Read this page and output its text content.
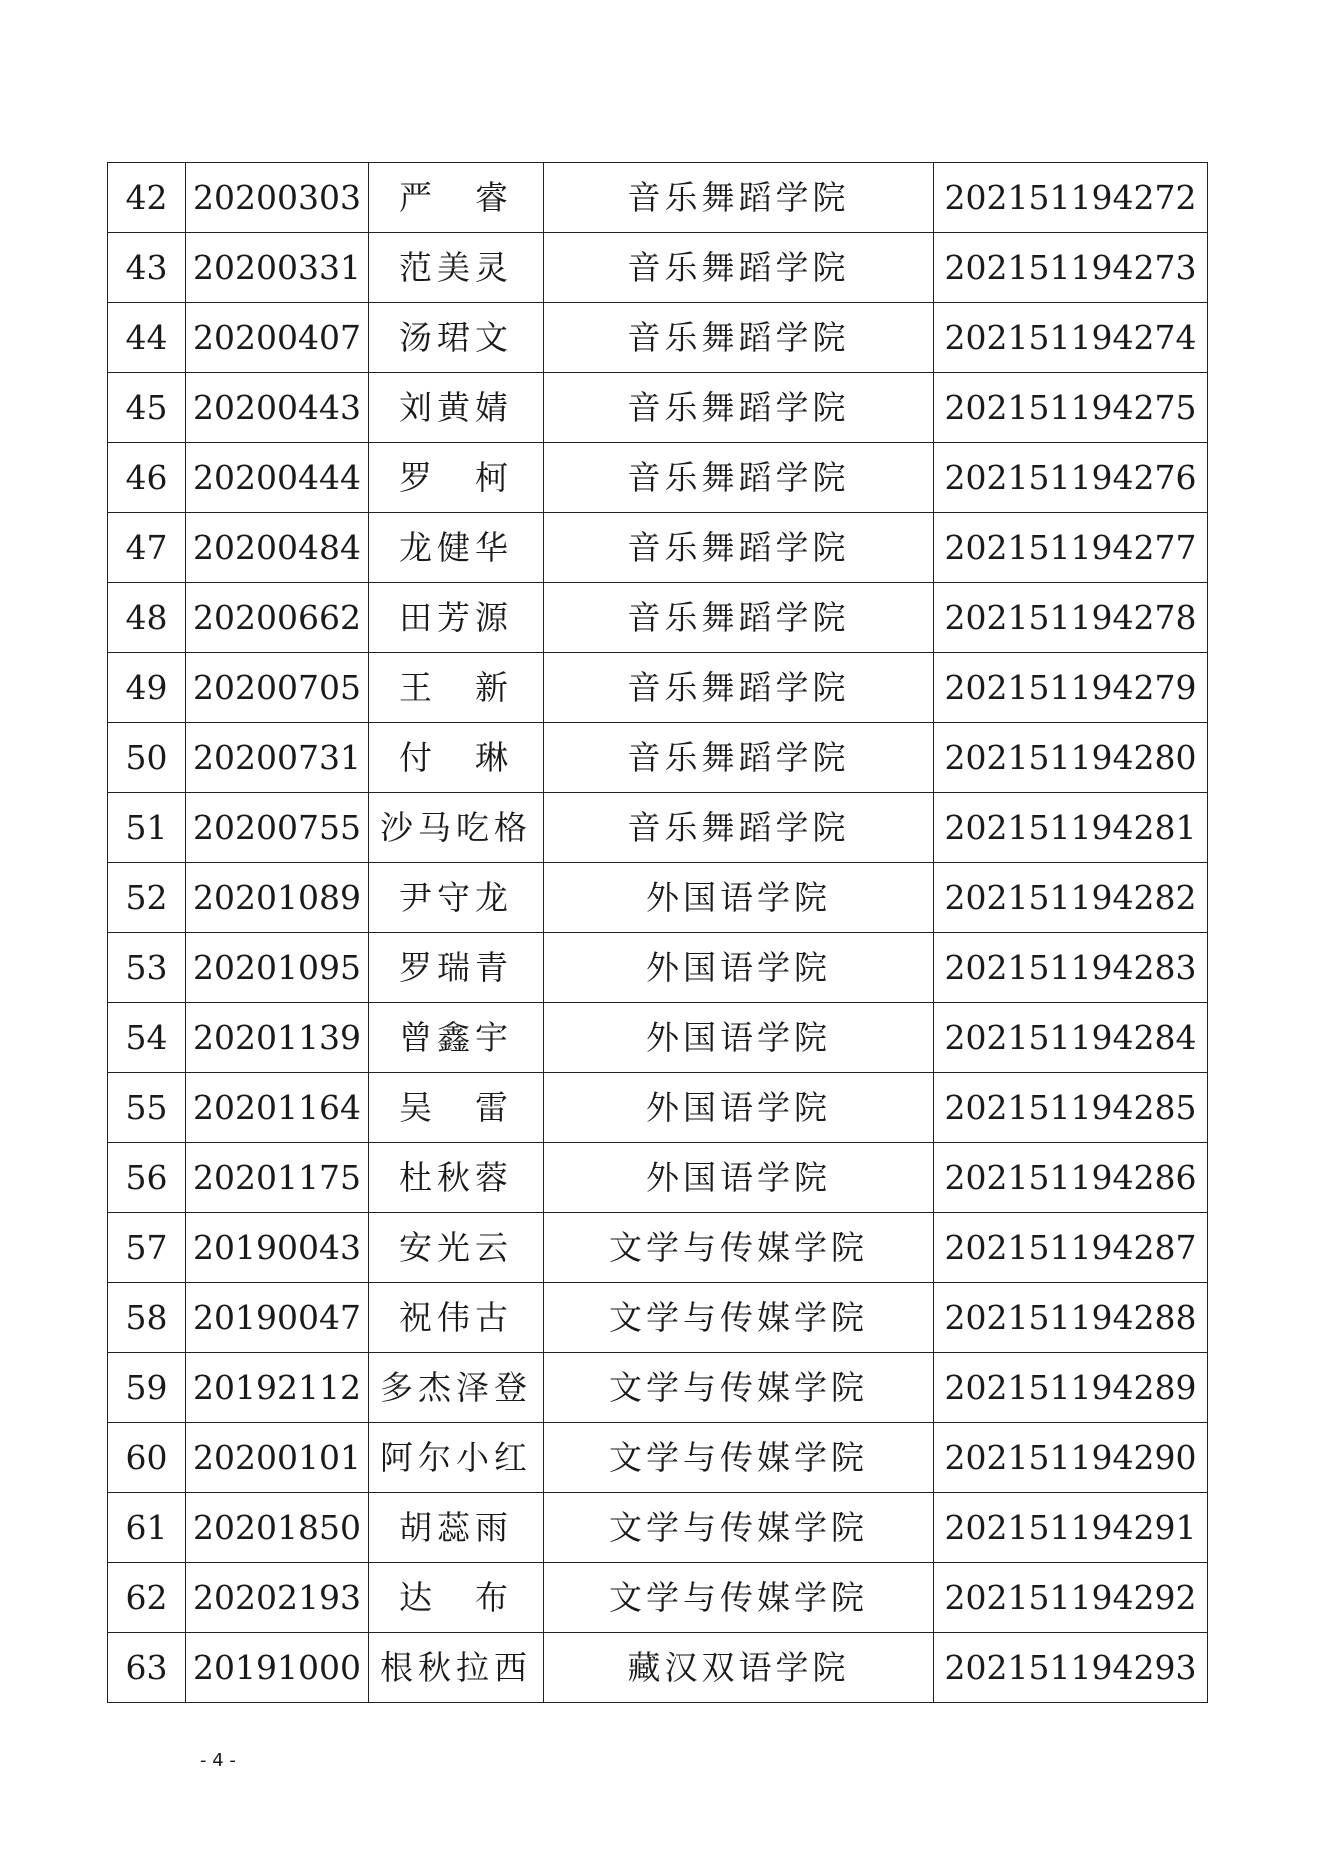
42	20200303	严　睿	音乐舞蹈学院	202151194272
43	20200331	范美灵	音乐舞蹈学院	202151194273
44	20200407	汤珺文	音乐舞蹈学院	202151194274
45	20200443	刘黄婧	音乐舞蹈学院	202151194275
46	20200444	罗　柯	音乐舞蹈学院	202151194276
47	20200484	龙健华	音乐舞蹈学院	202151194277
48	20200662	田芳源	音乐舞蹈学院	202151194278
49	20200705	王　新	音乐舞蹈学院	202151194279
50	20200731	付　琳	音乐舞蹈学院	202151194280
51	20200755	沙马吃格	音乐舞蹈学院	202151194281
52	20201089	尹守龙	外国语学院	202151194282
53	20201095	罗瑞青	外国语学院	202151194283
54	20201139	曾鑫宇	外国语学院	202151194284
55	20201164	吴　雷	外国语学院	202151194285
56	20201175	杜秋蓉	外国语学院	202151194286
57	20190043	安光云	文学与传媒学院	202151194287
58	20190047	祝伟古	文学与传媒学院	202151194288
59	20192112	多杰泽登	文学与传媒学院	202151194289
60	20200101	阿尔小红	文学与传媒学院	202151194290
61	20201850	胡蕊雨	文学与传媒学院	202151194291
62	20202193	达　布	文学与传媒学院	202151194292
63	20191000	根秋拉西	藏汉双语学院	202151194293
- 4 -
